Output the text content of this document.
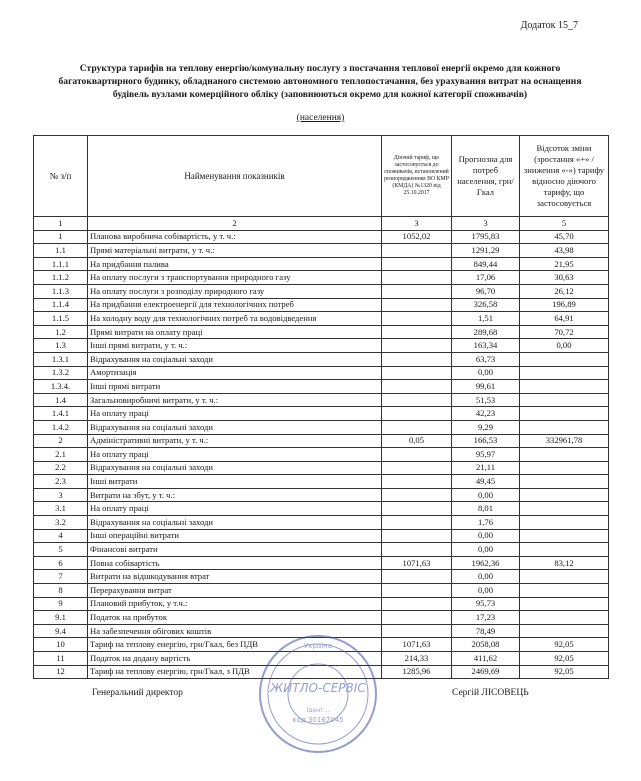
Додаток 15_7
Структура тарифів на теплову енергію/комунальну послугу з постачання теплової енергії окремо для кожного багатоквартирного будинку, обладнаного системою автономного теплопостачання, без урахування витрат на оснащення будівель вузлами комерційного обліку (заповнюються окремо для кожної категорії споживачів)
(населення)
№ з/п	Найменування показників	Діючий тариф, що застосовується до споживачів, встановлений розпорядженням ВО КМР (КМДА) №1320 від 25.10.2017	Прогнозна для потреб населення, грн/Гкал	Відсоток зміни (зростання «+» / зниження «-») тарифу відносно діючого тарифу, що застосовується
1	2	3	3	5
1	Планова виробнича собівартість, у т. ч.:	1052,02	1795,83	45,70
1.1	Прямі матеріальні витрати, у т. ч.:		1291,29	43,98
1.1.1	На придбання палива		849,44	21,95
1.1.2	На оплату послуги з транспортування природного газу		17,06	30,63
1.1.3	На оплату послуги з розподілу природного газу		96,70	26,12
1.1.4	На придбання електроенергії для технологічних потреб		326,58	196,89
1.1.5	На холодну воду для технологічних потреб та водовідведення		1,51	64,91
1.2	Прямі витрати на оплату праці		289,68	70,72
1.3	Інші прямі витрати, у т. ч.:		163,34	0,00
1.3.1	Відрахування на соціальні заходи		63,73	
1.3.2	Амортизація		0,00	
1.3.4.	Інші прямі витрати		99,61	
1.4	Загальновиробничі витрати, у т. ч.:		51,53	
1.4.1	На оплату праці		42,23	
1.4.2	Відрахування на соціальні заходи		9,29	
2	Адміністративні витрати, у т. ч.:	0,05	166,53	332961,78
2.1	На оплату праці		95,97	
2.2	Відрахування на соціальні заходи		21,11	
2.3	Інші витрати		49,45	
3	Витрати на збут, у т. ч.:		0,00	
3.1	На оплату праці		8,01	
3.2	Відрахування на соціальні заходи		1,76	
4	Інші операційні витрати		0,00	
5	Фінансові витрати		0,00	
6	Повна собівартість	1071,63	1962,36	83,12
7	Витрати на відшкодування втрат		0,00	
8	Перерахування витрат		0,00	
9	Плановий прибуток, у т.ч.:		95,73	
9.1	Податок на прибуток		17,23	
9.4	На забезпечення обігових коштів		78,49	
10	Тариф на теплову енергію, грн/Гкал, без ПДВ	1071,63	2058,08	92,05
11	Податок на додану вартість	214,33	411,62	92,05
12	Тариф на теплову енергію, грн/Гкал, з ПДВ	1285,96	2469,69	92,05
Генеральний директор	Сергій ЛІСОВЕЦЬ
Україна
ЖИТЛО-СЕРВІС
Ідент...
код 30167045
